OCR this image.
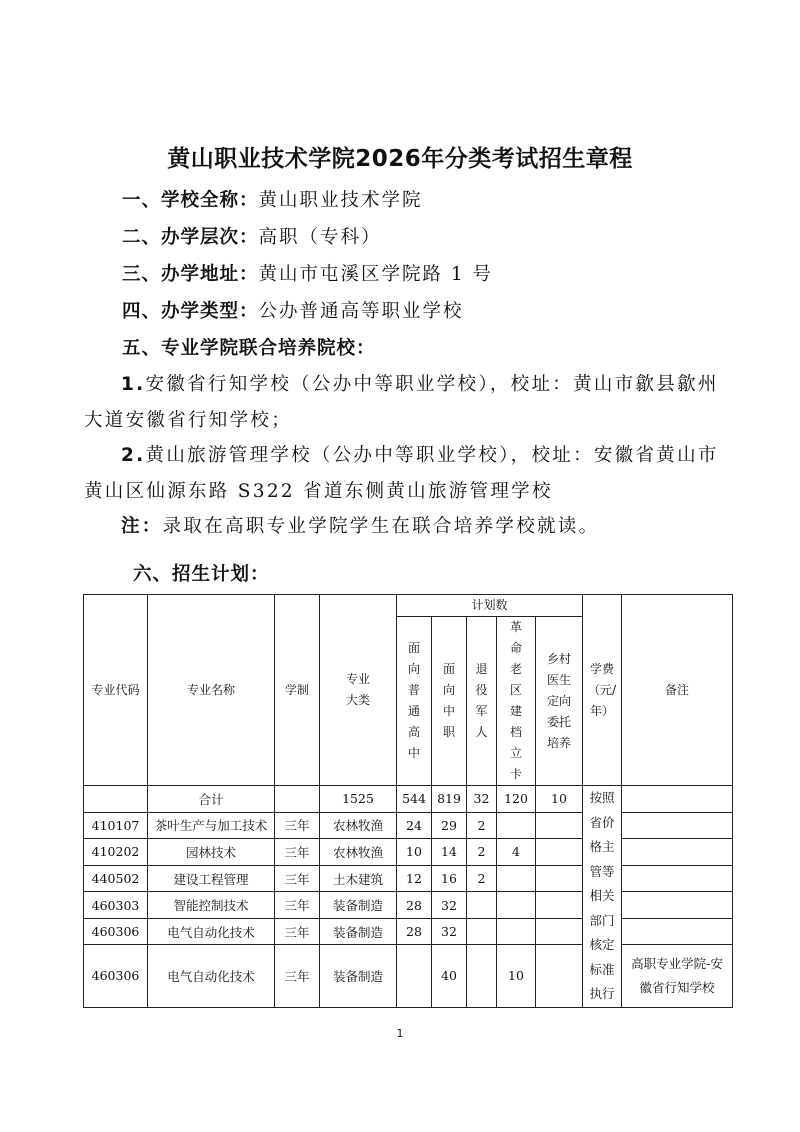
黄山职业技术学院2026年分类考试招生章程
一、学校全称：黄山职业技术学院
二、办学层次：高职（专科）
三、办学地址：黄山市屯溪区学院路 1 号
四、办学类型：公办普通高等职业学校
五、专业学院联合培养院校：
1.安徽省行知学校（公办中等职业学校），校址：黄山市歙县歙州大道安徽省行知学校；
2.黄山旅游管理学校（公办中等职业学校），校址：安徽省黄山市黄山区仙源东路 S322 省道东侧黄山旅游管理学校
注：录取在高职专业学院学生在联合培养学校就读。
六、招生计划：
专业代码	专业名称	学制	专业大类	计划数					学费（元/年）	备注
				面向普通高中	面向中职	退役军人	革命老区建档立卡	乡村医生定向委托培养		
	合计		1525	544	819	32	120	10	按照省价格主管等相关部门核定标准执行	
410107	茶叶生产与加工技术	三年	农林牧渔	24	29	2				
410202	园林技术	三年	农林牧渔	10	14	2	4			
440502	建设工程管理	三年	土木建筑	12	16	2				
460303	智能控制技术	三年	装备制造	28	32					
460306	电气自动化技术	三年	装备制造	28	32					
460306	电气自动化技术	三年	装备制造		40		10			高职专业学院-安徽省行知学校
1
